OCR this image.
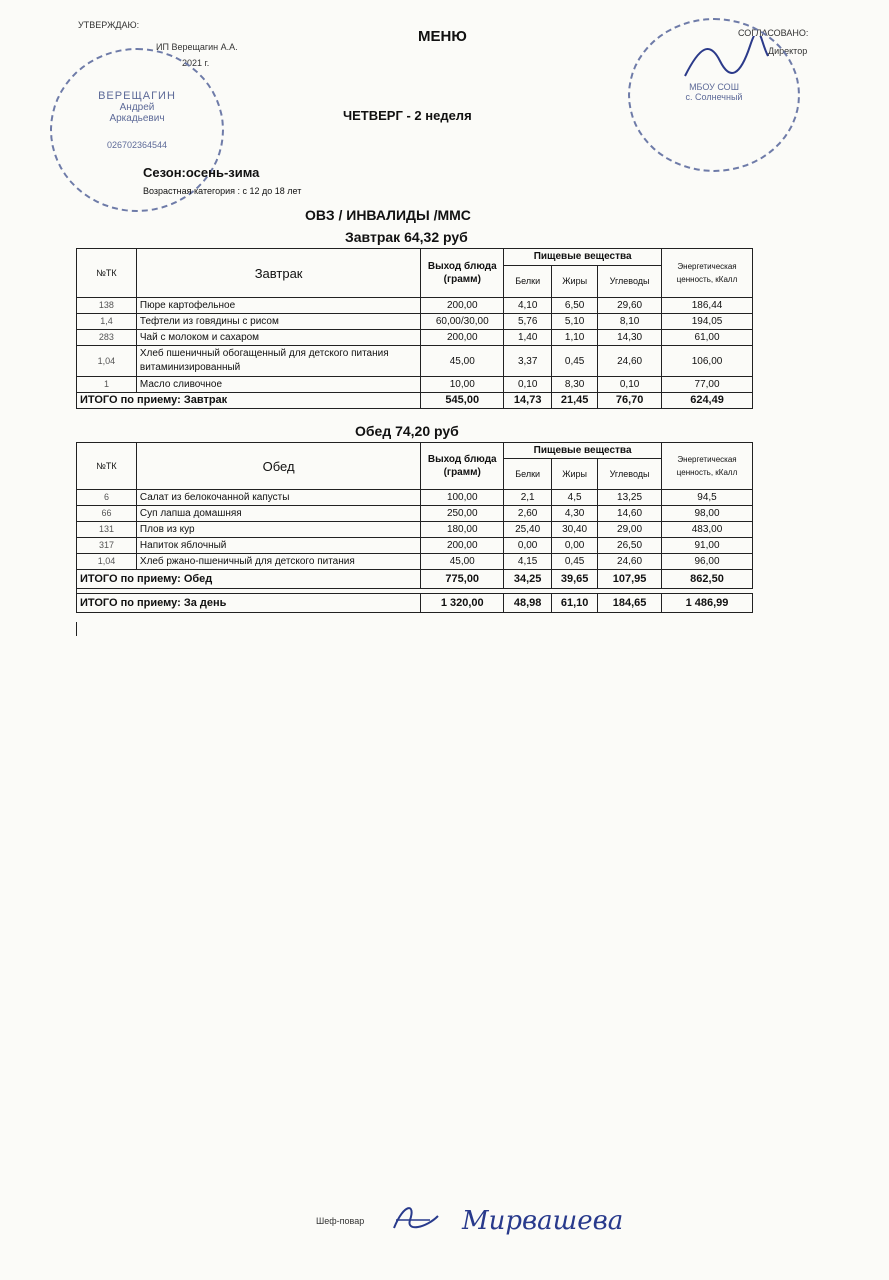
УТВЕРЖДАЮ:
ИП Верещагин А.А.
2021 г.
МЕНЮ	СОГЛАСОВАНО:
Директор
ВЕРЕЩАГИН
Андрей
Аркадьевич
026702364544
МБОУ СОШ
с. Солнечный
ЧЕТВЕРГ - 2 неделя
Сезон:осень-зима
Возрастная категория : с 12 до 18 лет
ОВЗ / ИНВАЛИДЫ /ММС
Завтрак 64,32 руб
№ТК	Завтрак	Выход блюда (грамм)	Пищевые вещества			Энергетическая ценность, кКалл
			Белки	Жиры	Углеводы	
138	Пюре картофельное	200,00	4,10	6,50	29,60	186,44
1,4	Тефтели из говядины с рисом	60,00/30,00	5,76	5,10	8,10	194,05
283	Чай с молоком и сахаром	200,00	1,40	1,10	14,30	61,00
1,04	Хлеб пшеничный обогащенный для детского питания витаминизированный	45,00	3,37	0,45	24,60	106,00
1	Масло сливочное	10,00	0,10	8,30	0,10	77,00
ИТОГО по приему: Завтрак		545,00	14,73	21,45	76,70	624,49
Обед 74,20 руб
№ТК	Обед	Выход блюда (грамм)	Пищевые вещества			Энергетическая ценность, кКалл
			Белки	Жиры	Углеводы	
6	Салат из белокочанной капусты	100,00	2,1	4,5	13,25	94,5
66	Суп лапша домашняя	250,00	2,60	4,30	14,60	98,00
131	Плов из кур	180,00	25,40	30,40	29,00	483,00
317	Напиток яблочный	200,00	0,00	0,00	26,50	91,00
1,04	Хлеб ржано-пшеничный для детского питания	45,00	4,15	0,45	24,60	96,00
ИТОГО по приему: Обед		775,00	34,25	39,65	107,95	862,50

ИТОГО по приему: За день		1 320,00	48,98	61,10	184,65	1 486,99
Шеф-повар	Мирвашева
